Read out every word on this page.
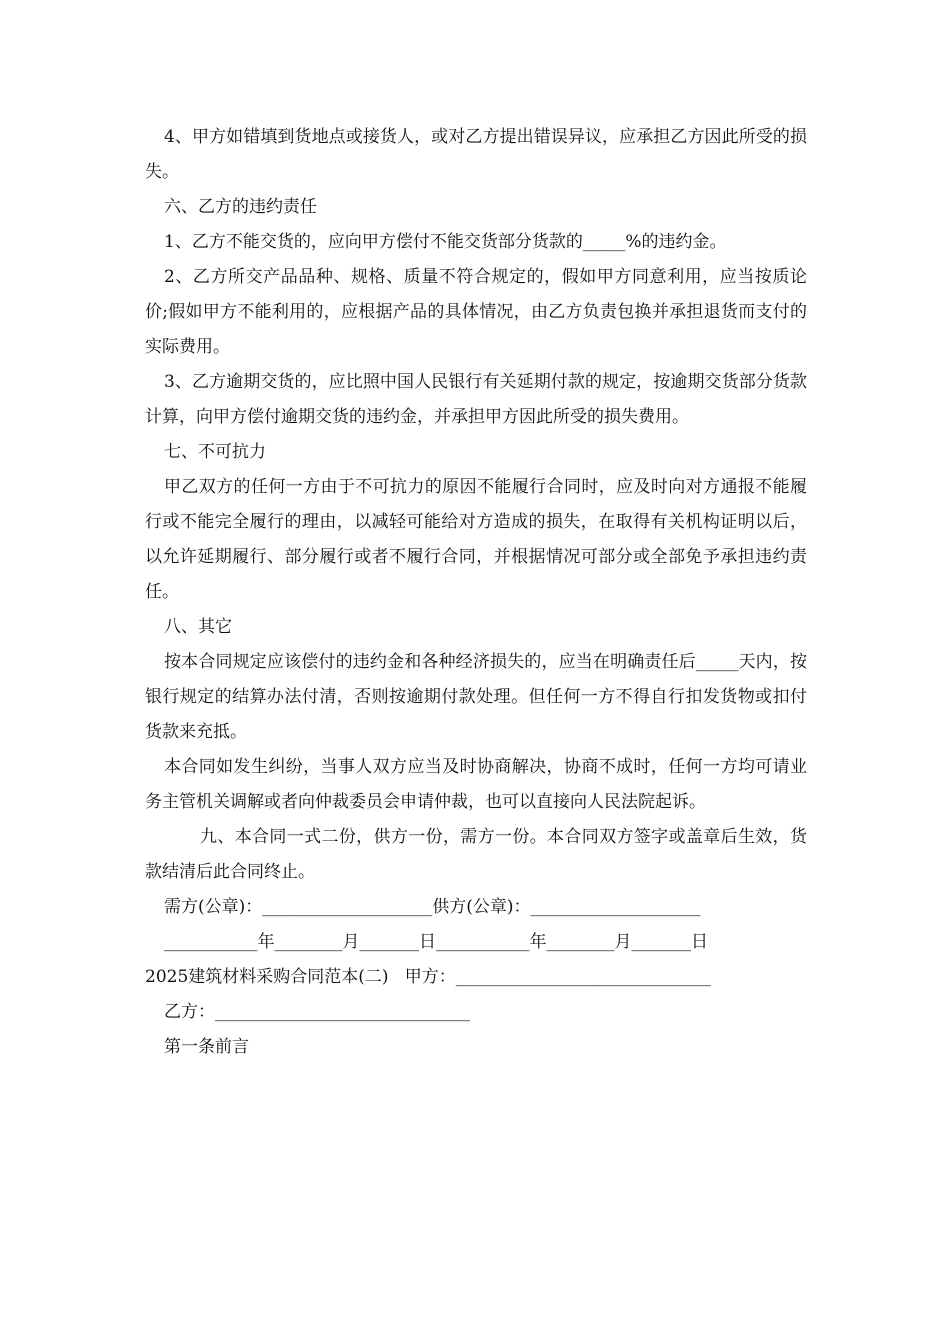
4、甲方如错填到货地点或接货人，或对乙方提出错误异议，应承担乙方因此所受的损失。

六、乙方的违约责任

1、乙方不能交货的，应向甲方偿付不能交货部分货款的_____%的违约金。

2、乙方所交产品品种、规格、质量不符合规定的，假如甲方同意利用，应当按质论价;假如甲方不能利用的，应根据产品的具体情况，由乙方负责包换并承担退货而支付的实际费用。

3、乙方逾期交货的，应比照中国人民银行有关延期付款的规定，按逾期交货部分货款计算，向甲方偿付逾期交货的违约金，并承担甲方因此所受的损失费用。

七、不可抗力

甲乙双方的任何一方由于不可抗力的原因不能履行合同时，应及时向对方通报不能履行或不能完全履行的理由，以减轻可能给对方造成的损失，在取得有关机构证明以后，以允许延期履行、部分履行或者不履行合同，并根据情况可部分或全部免予承担违约责任。

八、其它

按本合同规定应该偿付的违约金和各种经济损失的，应当在明确责任后_____天内，按银行规定的结算办法付清，否则按逾期付款处理。但任何一方不得自行扣发货物或扣付货款来充抵。

本合同如发生纠纷，当事人双方应当及时协商解决，协商不成时，任何一方均可请业务主管机关调解或者向仲裁委员会申请仲裁，也可以直接向人民法院起诉。

九、本合同一式二份，供方一份，需方一份。本合同双方签字或盖章后生效，货款结清后此合同终止。

需方(公章)：____________________供方(公章)：____________________

___________年________月_______日___________年________月_______日

2025建筑材料采购合同范本(二)   甲方：______________________________

乙方：______________________________

第一条前言
